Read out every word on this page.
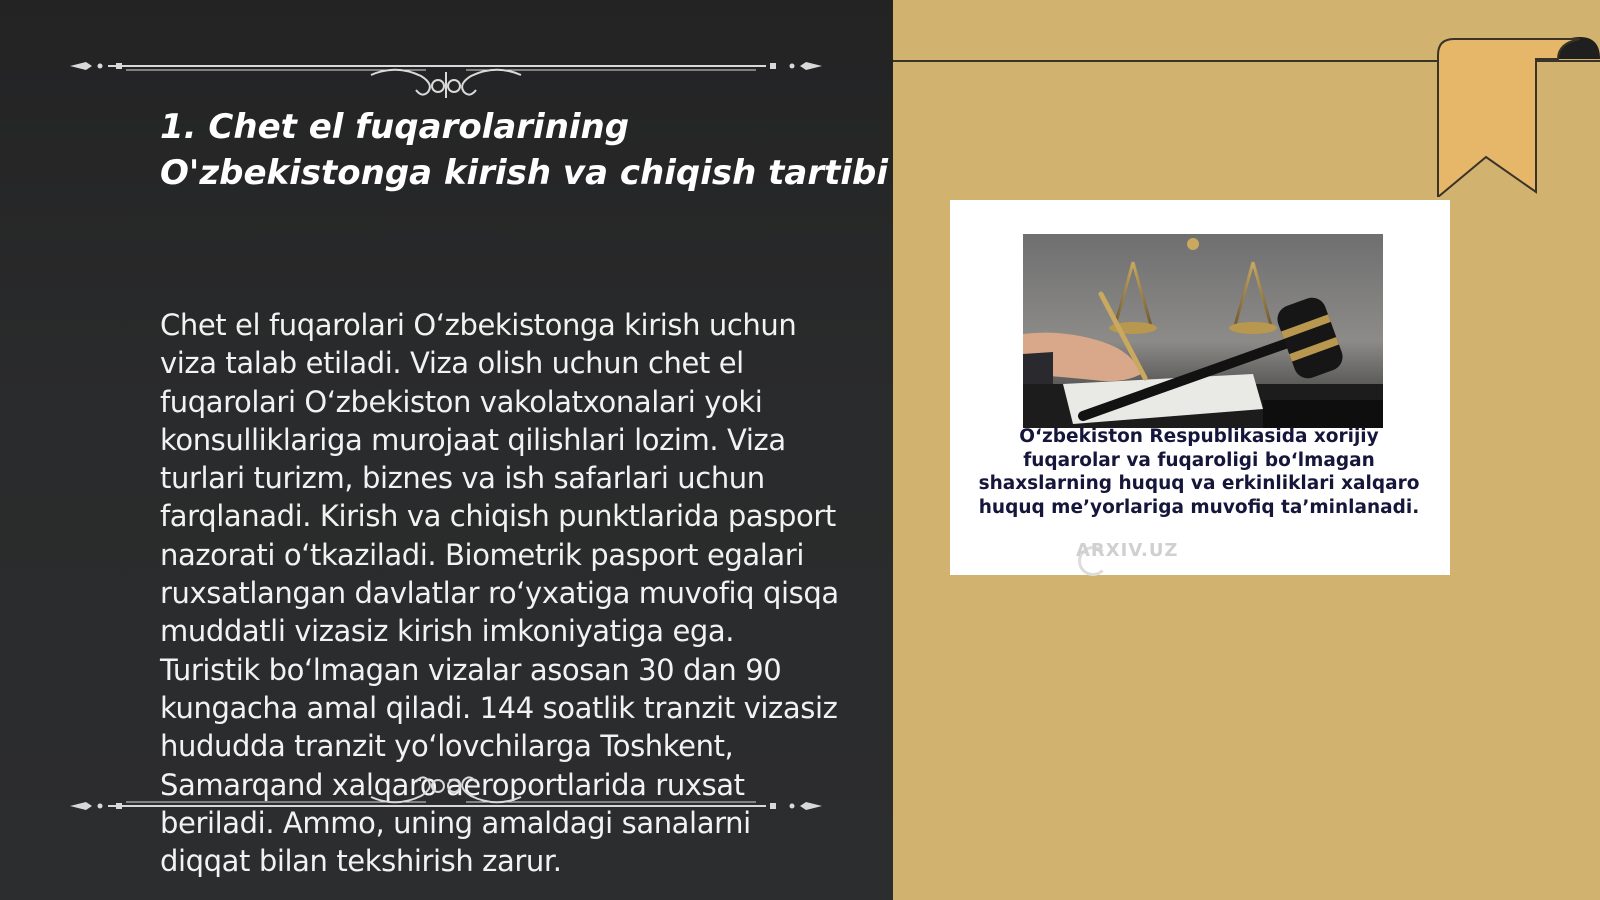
1. Chet el fuqarolarining
O'zbekistonga kirish va chiqish tartibi

Chet el fuqarolari O‘zbekistonga kirish uchun viza talab etiladi. Viza olish uchun chet el fuqarolari O‘zbekiston vakolatxonalari yoki konsulliklariga murojaat qilishlari lozim. Viza turlari turizm, biznes va ish safarlari uchun farqlanadi. Kirish va chiqish punktlarida pasport nazorati o‘tkaziladi. Biometrik pasport egalari ruxsatlangan davlatlar ro‘yxatiga muvofiq qisqa muddatli vizasiz kirish imkoniyatiga ega. Turistik bo‘lmagan vizalar asosan 30 dan 90 kungacha amal qiladi. 144 soatlik tranzit vizasiz hududda tranzit yo‘lovchilarga Toshkent, Samarqand xalqaro aeroportlarida ruxsat beriladi. Ammo, uning amaldagi sanalarni diqqat bilan tekshirish zarur.

O‘zbekiston Respublikasida xorijiy fuqarolar va fuqaroligi bo‘lmagan shaxslarning huquq va erkinliklari xalqaro huquq me’yorlariga muvofiq ta’minlanadi.

ARXIV.UZ
